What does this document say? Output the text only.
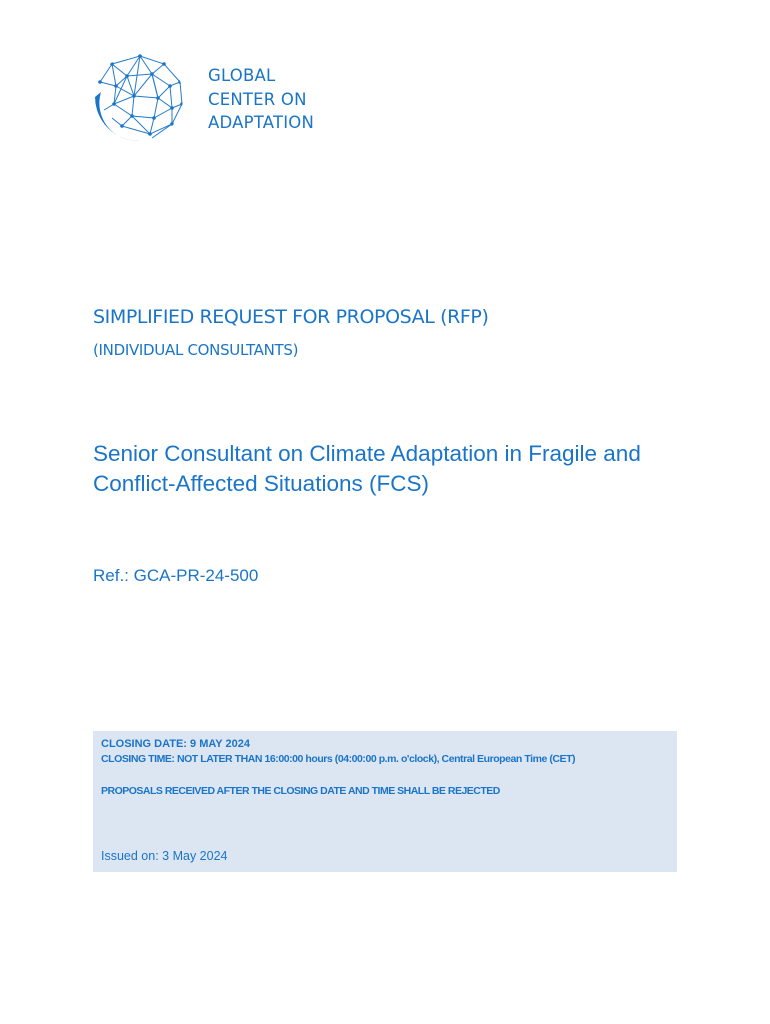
GLOBAL
CENTER ON
ADAPTATION
SIMPLIFIED REQUEST FOR PROPOSAL (RFP)
(INDIVIDUAL CONSULTANTS)
Senior Consultant on Climate Adaptation in Fragile and Conflict-Affected Situations (FCS)
Ref.: GCA-PR-24-500
CLOSING DATE: 9 MAY 2024
CLOSING TIME: NOT LATER THAN 16:00:00 hours (04:00:00 p.m. o'clock), Central European Time (CET)
PROPOSALS RECEIVED AFTER THE CLOSING DATE AND TIME SHALL BE REJECTED
Issued on: 3 May 2024
